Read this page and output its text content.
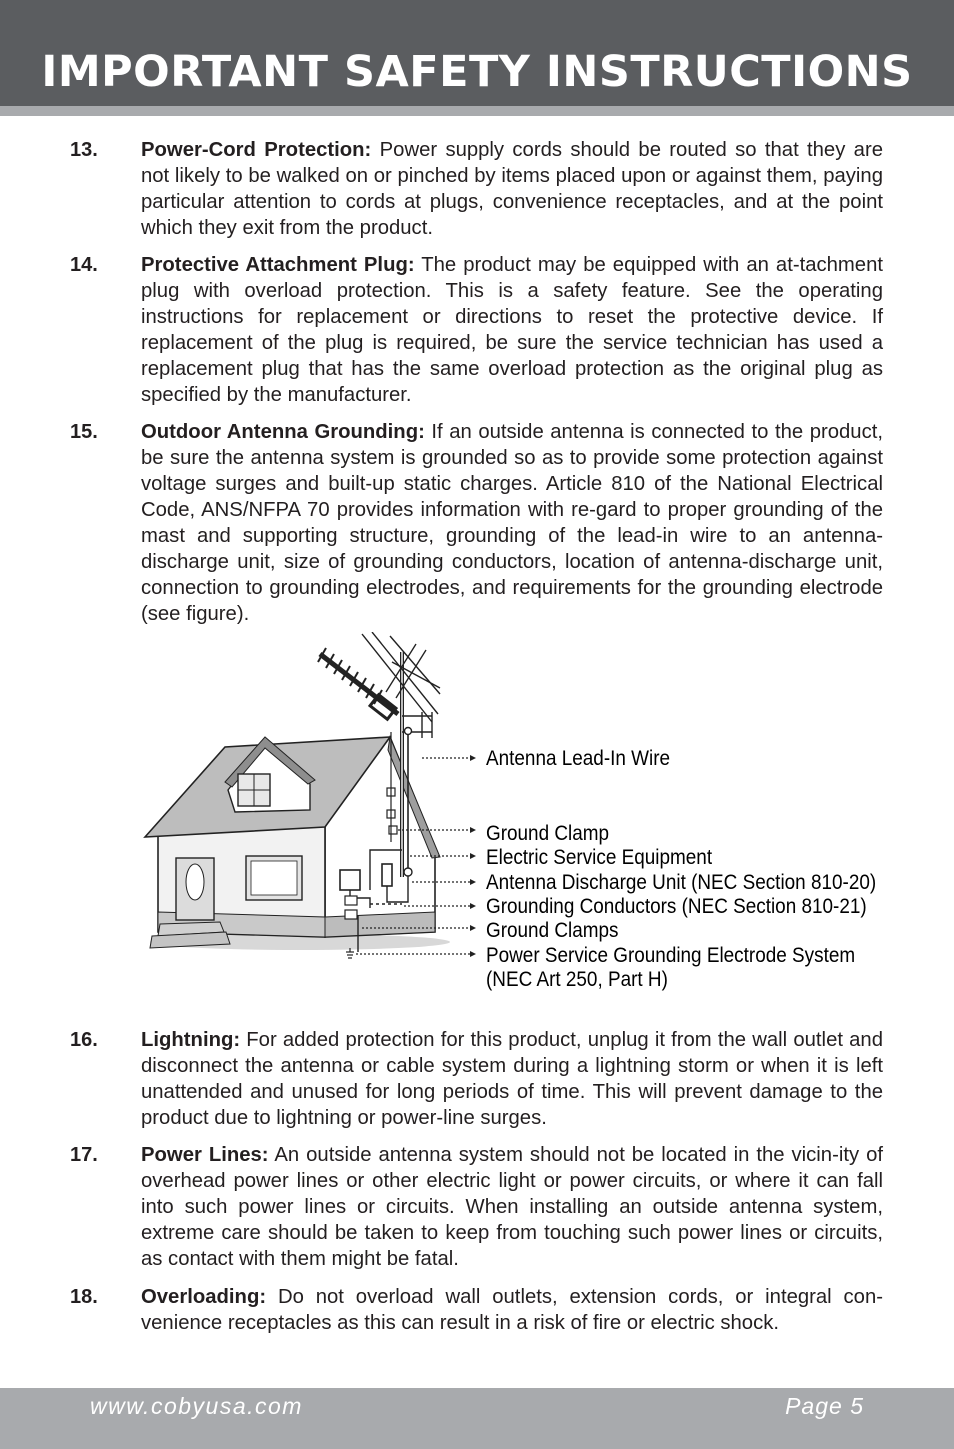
IMPORTANT SAFETY INSTRUCTIONS
13. Power-Cord Protection: Power supply cords should be routed so that they are not likely to be walked on or pinched by items placed upon or against them, paying particular attention to cords at plugs, convenience receptacles, and at the point which they exit from the product.
14. Protective Attachment Plug: The product may be equipped with an at-tachment plug with overload protection. This is a safety feature. See the operating instructions for replacement or directions to reset the protective device. If replacement of the plug is required, be sure the service technician has used a replacement plug that has the same overload protection as the original plug as specified by the manufacturer.
15. Outdoor Antenna Grounding: If an outside antenna is connected to the product, be sure the antenna system is grounded so as to provide some protection against voltage surges and built-up static charges. Article 810 of the National Electrical Code, ANS/NFPA 70 provides information with re-gard to proper grounding of the mast and supporting structure, grounding of the lead-in wire to an antenna-discharge unit, size of grounding conductors, location of antenna-discharge unit, connection to grounding electrodes, and requirements for the grounding electrode (see figure).
Antenna Lead-In Wire
Ground Clamp
Electric Service Equipment
Antenna Discharge Unit (NEC Section 810-20)
Grounding Conductors (NEC Section 810-21)
Ground Clamps
Power Service Grounding Electrode System
(NEC Art 250, Part H)
16. Lightning: For added protection for this product, unplug it from the wall outlet and disconnect the antenna or cable system during a lightning storm or when it is left unattended and unused for long periods of time. This will prevent damage to the product due to lightning or power-line surges.
17. Power Lines: An outside antenna system should not be located in the vicin-ity of overhead power lines or other electric light or power circuits, or where it can fall into such power lines or circuits. When installing an outside antenna system, extreme care should be taken to keep from touching such power lines or circuits, as contact with them might be fatal.
18. Overloading: Do not overload wall outlets, extension cords, or integral con-venience receptacles as this can result in a risk of fire or electric shock.
www.cobyusa.com	Page 5
